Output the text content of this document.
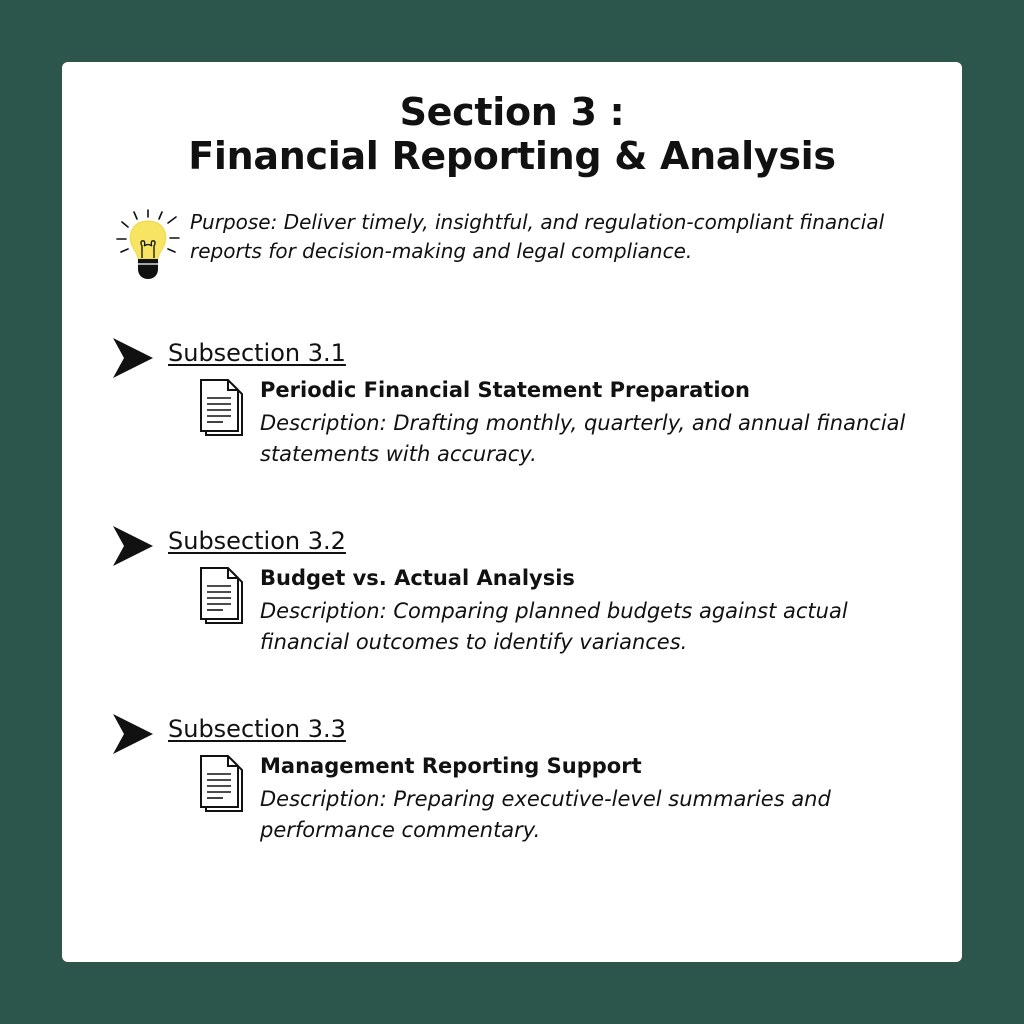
Section 3 :
Financial Reporting & Analysis
Purpose: Deliver timely, insightful, and regulation-compliant financial reports for decision-making and legal compliance.
Subsection 3.1
Periodic Financial Statement Preparation
Description: Drafting monthly, quarterly, and annual financial statements with accuracy.
Subsection 3.2
Budget vs. Actual Analysis
Description: Comparing planned budgets against actual financial outcomes to identify variances.
Subsection 3.3
Management Reporting Support
Description: Preparing executive-level summaries and performance commentary.
